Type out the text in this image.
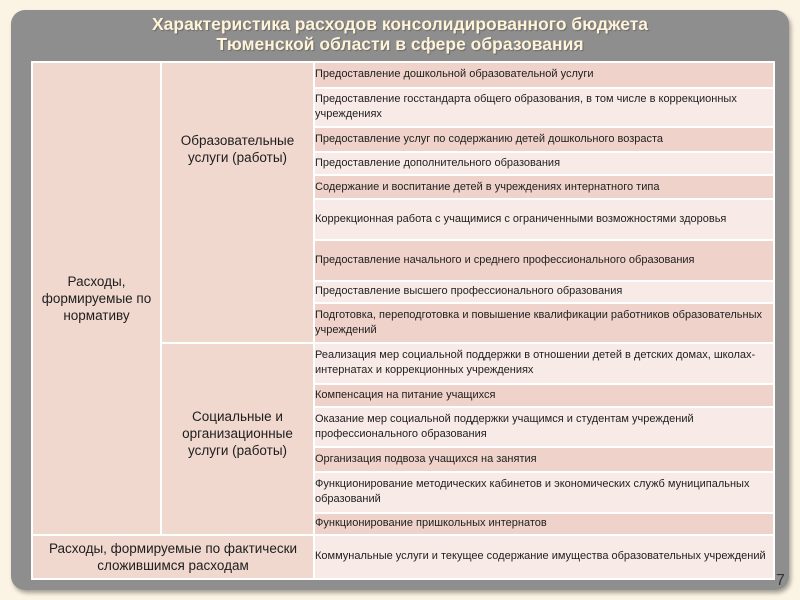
Характеристика расходов консолидированного бюджета
Тюменской области в сфере образования
Расходы, формируемые по нормативу	Образовательные услуги (работы)	Предоставление дошкольной образовательной услуги
		Предоставление госстандарта общего образования, в том числе в коррекционных учреждениях
		Предоставление услуг по содержанию детей дошкольного возраста
		Предоставление дополнительного образования
		Содержание и воспитание детей в учреждениях интернатного типа
		Коррекционная работа с учащимися с ограниченными возможностями здоровья
		Предоставление начального и среднего профессионального образования
		Предоставление высшего профессионального образования
		Подготовка, переподготовка и повышение квалификации работников образовательных учреждений

	Социальные и организационные услуги (работы)	Реализация мер социальной поддержки в отношении детей в детских домах, школах-интернатах и коррекционных учреждениях
		Компенсация на питание учащихся
		Оказание мер социальной поддержки учащимся и студентам учреждений профессионального образования
		Организация подвоза учащихся на занятия
		Функционирование методических кабинетов и экономических служб муниципальных образований
		Функционирование пришкольных интернатов

Расходы, формируемые по фактически сложившимся расходам		Коммунальные услуги и текущее содержание имущества образовательных учреждений
7
